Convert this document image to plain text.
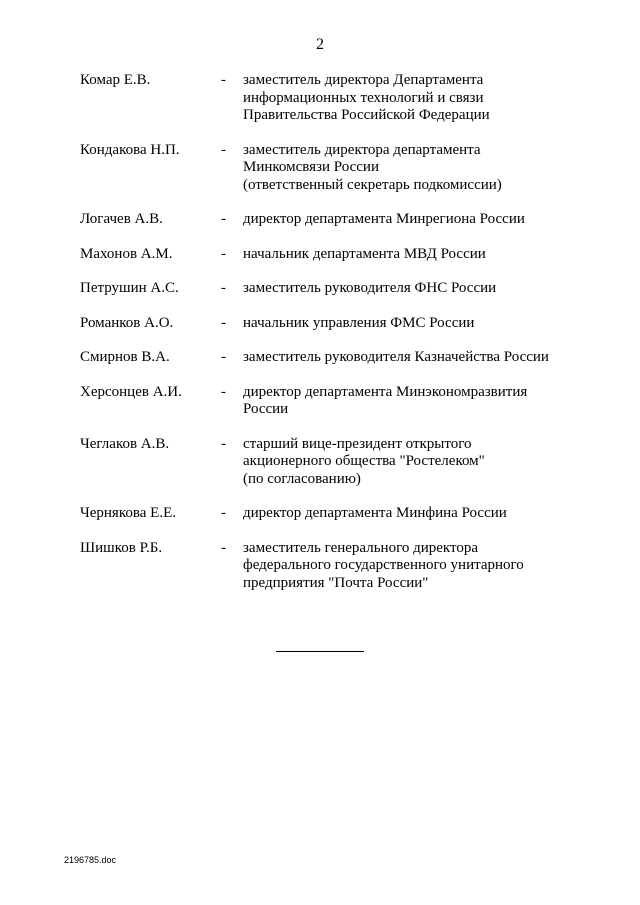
2
Комар Е.В.	- заместитель директора Департамента
информационных технологий и связи
Правительства Российской Федерации
Кондакова Н.П.	- заместитель директора департамента
Минкомсвязи России
(ответственный секретарь подкомиссии)
Логачев А.В.	- директор департамента Минрегиона России
Махонов А.М.	- начальник департамента МВД России
Петрушин А.С.	- заместитель руководителя ФНС России
Романков А.О.	- начальник управления ФМС России
Смирнов В.А.	- заместитель руководителя Казначейства России
Херсонцев А.И.	- директор департамента Минэкономразвития
России
Чеглаков А.В.	- старший вице-президент открытого
акционерного общества "Ростелеком"
(по согласованию)
Чернякова Е.Е.	- директор департамента Минфина России
Шишков Р.Б.	- заместитель генерального директора
федерального государственного унитарного
предприятия "Почта России"
2196785.doc
